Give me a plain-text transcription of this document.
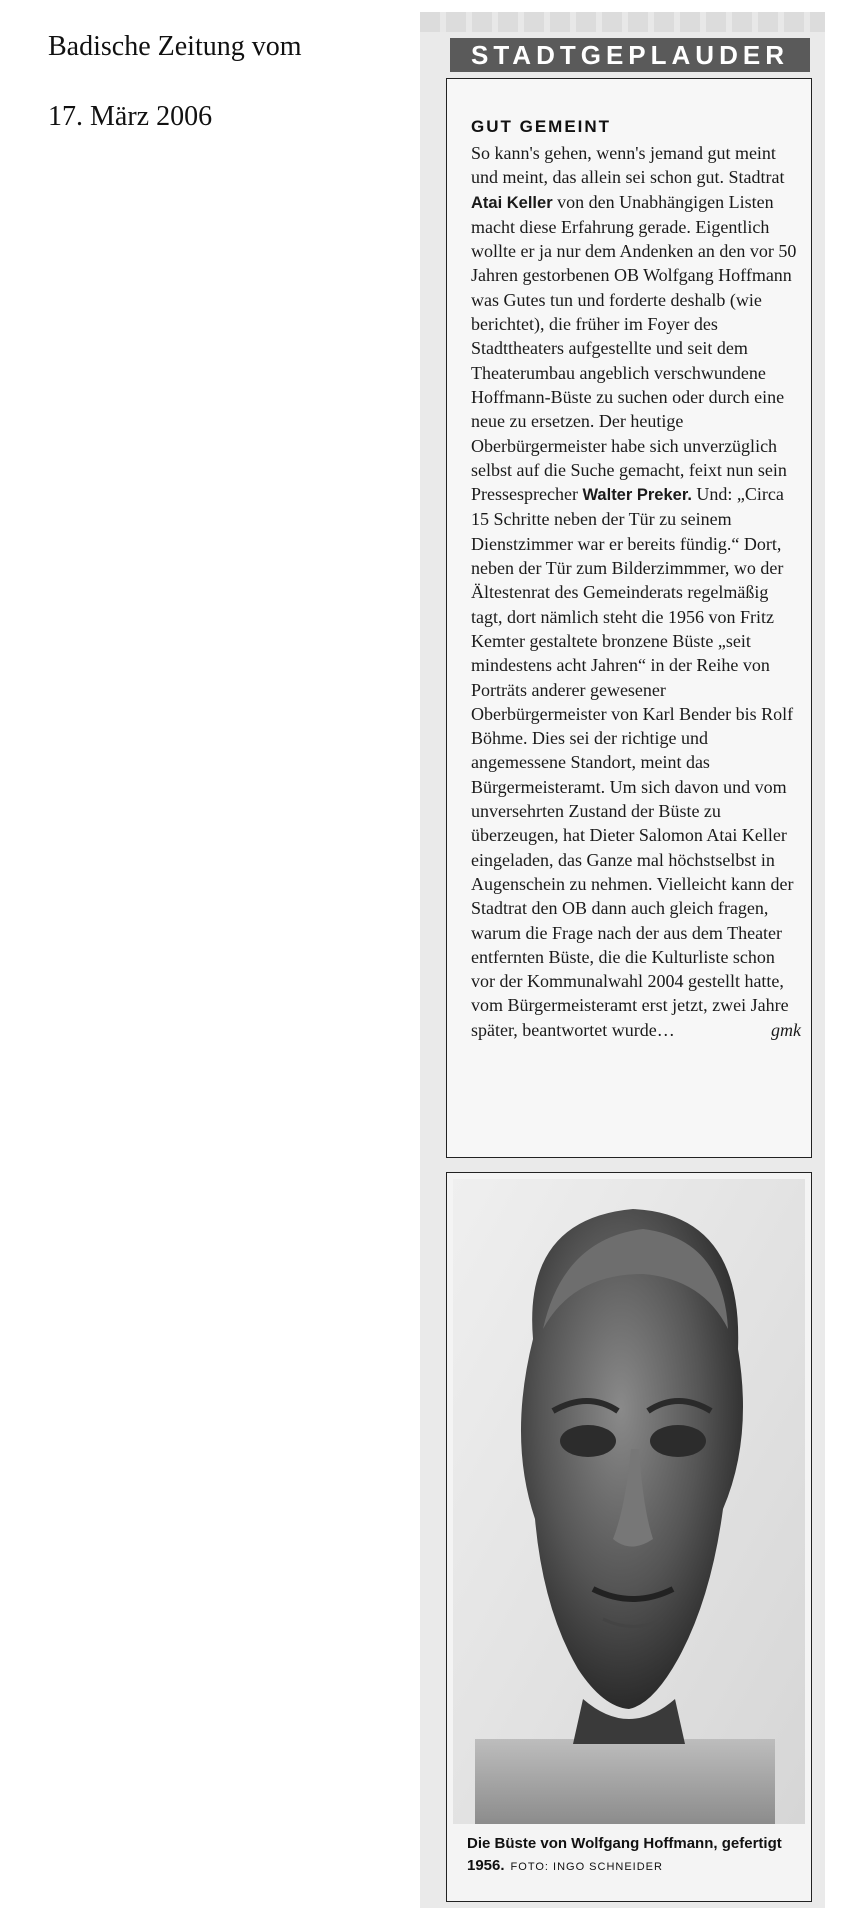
Badische Zeitung vom
17. März 2006
STADTGEPLAUDER
GUT GEMEINT
So kann's gehen, wenn's jemand gut meint und meint, das allein sei schon gut. Stadtrat Atai Keller von den Unabhängigen Listen macht diese Erfahrung gerade. Eigentlich wollte er ja nur dem Andenken an den vor 50 Jahren gestorbenen OB Wolfgang Hoffmann was Gutes tun und forderte deshalb (wie berichtet), die früher im Foyer des Stadttheaters aufgestellte und seit dem Theaterumbau angeblich verschwundene Hoffmann-Büste zu suchen oder durch eine neue zu ersetzen. Der heutige Oberbürgermeister habe sich unverzüglich selbst auf die Suche gemacht, feixt nun sein Pressesprecher Walter Preker. Und: „Circa 15 Schritte neben der Tür zu seinem Dienstzimmer war er bereits fündig.“ Dort, neben der Tür zum Bilderzimmmer, wo der Ältestenrat des Gemeinderats regelmäßig tagt, dort nämlich steht die 1956 von Fritz Kemter gestaltete bronzene Büste „seit mindestens acht Jahren“ in der Reihe von Porträts anderer gewesener Oberbürgermeister von Karl Bender bis Rolf Böhme. Dies sei der richtige und angemessene Standort, meint das Bürgermeisteramt. Um sich davon und vom unversehrten Zustand der Büste zu überzeugen, hat Dieter Salomon Atai Keller eingeladen, das Ganze mal höchstselbst in Augenschein zu nehmen. Vielleicht kann der Stadtrat den OB dann auch gleich fragen, warum die Frage nach der aus dem Theater entfernten Büste, die die Kulturliste schon vor der Kommunalwahl 2004 gestellt hatte, vom Bürgermeisteramt erst jetzt, zwei Jahre später, beantwortet wurde…	gmk
Die Büste von Wolfgang Hoffmann, gefertigt 1956. FOTO: INGO SCHNEIDER
